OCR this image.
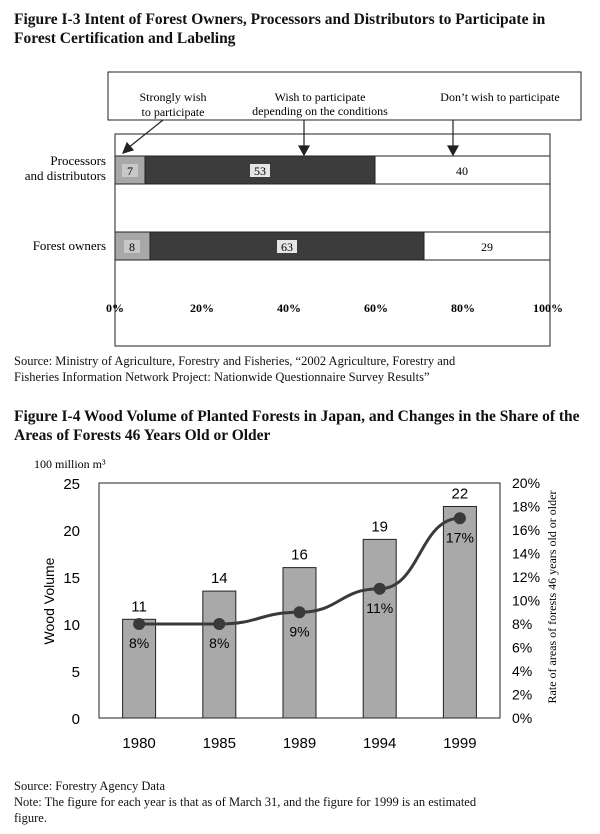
Figure I-3 Intent of Forest Owners, Processors and Distributors to Participate in Forest Certification and Labeling

Strongly wish
to participate
Wish to participate
depending on the conditions
Don’t wish to participate
Processors
and distributors
Forest owners
7	53	40
8	63	29
0%	20%	40%	60%	80%	100%

Source: Ministry of Agriculture, Forestry and Fisheries, “2002 Agriculture, Forestry and

Fisheries Information Network Project: Nationwide Questionnaire Survey Results”

Figure I-4 Wood Volume of Planted Forests in Japan, and Changes in the Share of the Areas of Forests 46 Years Old or Older

100 million m³
Wood Volume	Rate of areas of forests 46 years old or older
0
5
10
15
20
25
0%
2%
4%
6%
8%
10%
12%
14%
16%
18%
20%
11
14
16
19
22
8%	8%
9%
11%
17%
1980	1985	1989	1994	1999

Source: Forestry Agency Data

Note: The figure for each year is that as of March 31, and the figure for 1999 is an estimated

figure.
